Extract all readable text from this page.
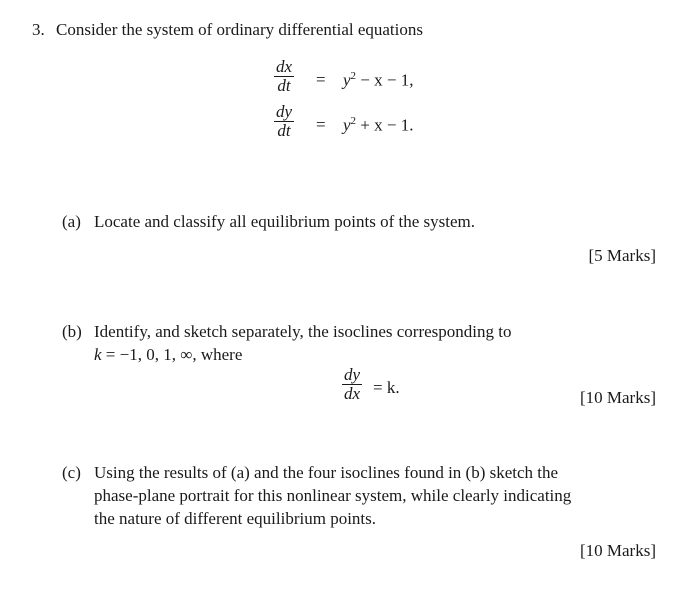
3. Consider the system of ordinary differential equations
$\frac{dx}{dt} = y^2 - x - 1$,
$\frac{dy}{dt} = y^2 + x - 1$.
(a) Locate and classify all equilibrium points of the system.
[5 Marks]
(b) Identify, and sketch separately, the isoclines corresponding to
k = −1, 0, 1, ∞, where
$\frac{dy}{dx} = k$.
[10 Marks]
(c) Using the results of (a) and the four isoclines found in (b) sketch the
phase-plane portrait for this nonlinear system, while clearly indicating
the nature of different equilibrium points.
[10 Marks]
